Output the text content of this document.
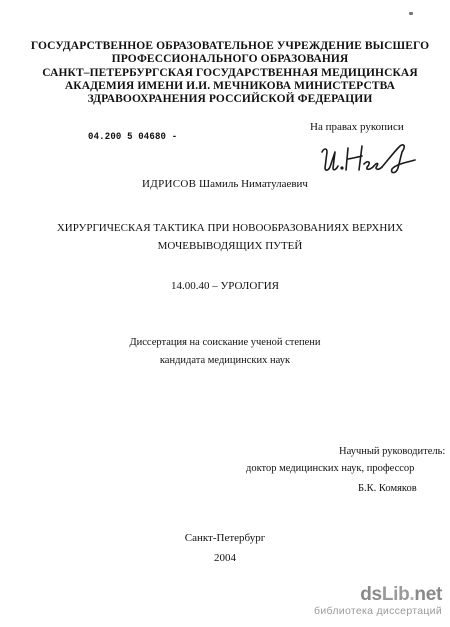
ГОСУДАРСТВЕННОЕ ОБРАЗОВАТЕЛЬНОЕ УЧРЕЖДЕНИЕ ВЫСШЕГО
ПРОФЕССИОНАЛЬНОГО ОБРАЗОВАНИЯ
САНКТ–ПЕТЕРБУРГСКАЯ ГОСУДАРСТВЕННАЯ МЕДИЦИНСКАЯ
АКАДЕМИЯ ИМЕНИ И.И. МЕЧНИКОВА МИНИСТЕРСТВА
ЗДРАВООХРАНЕНИЯ РОССИЙСКОЙ ФЕДЕРАЦИИ
04.200 5 04680 -
На правах рукописи
ИДРИСОВ Шамиль Ниматулаевич
ХИРУРГИЧЕСКАЯ ТАКТИКА ПРИ НОВООБРАЗОВАНИЯХ ВЕРХНИХ
МОЧЕВЫВОДЯЩИХ ПУТЕЙ
14.00.40 – УРОЛОГИЯ
Диссертация на соискание ученой степени
кандидата медицинских наук
Научный руководитель:
доктор медицинских наук, профессор
Б.К. Комяков
Санкт-Петербург
2004
dsLib.net
библиотека диссертаций
